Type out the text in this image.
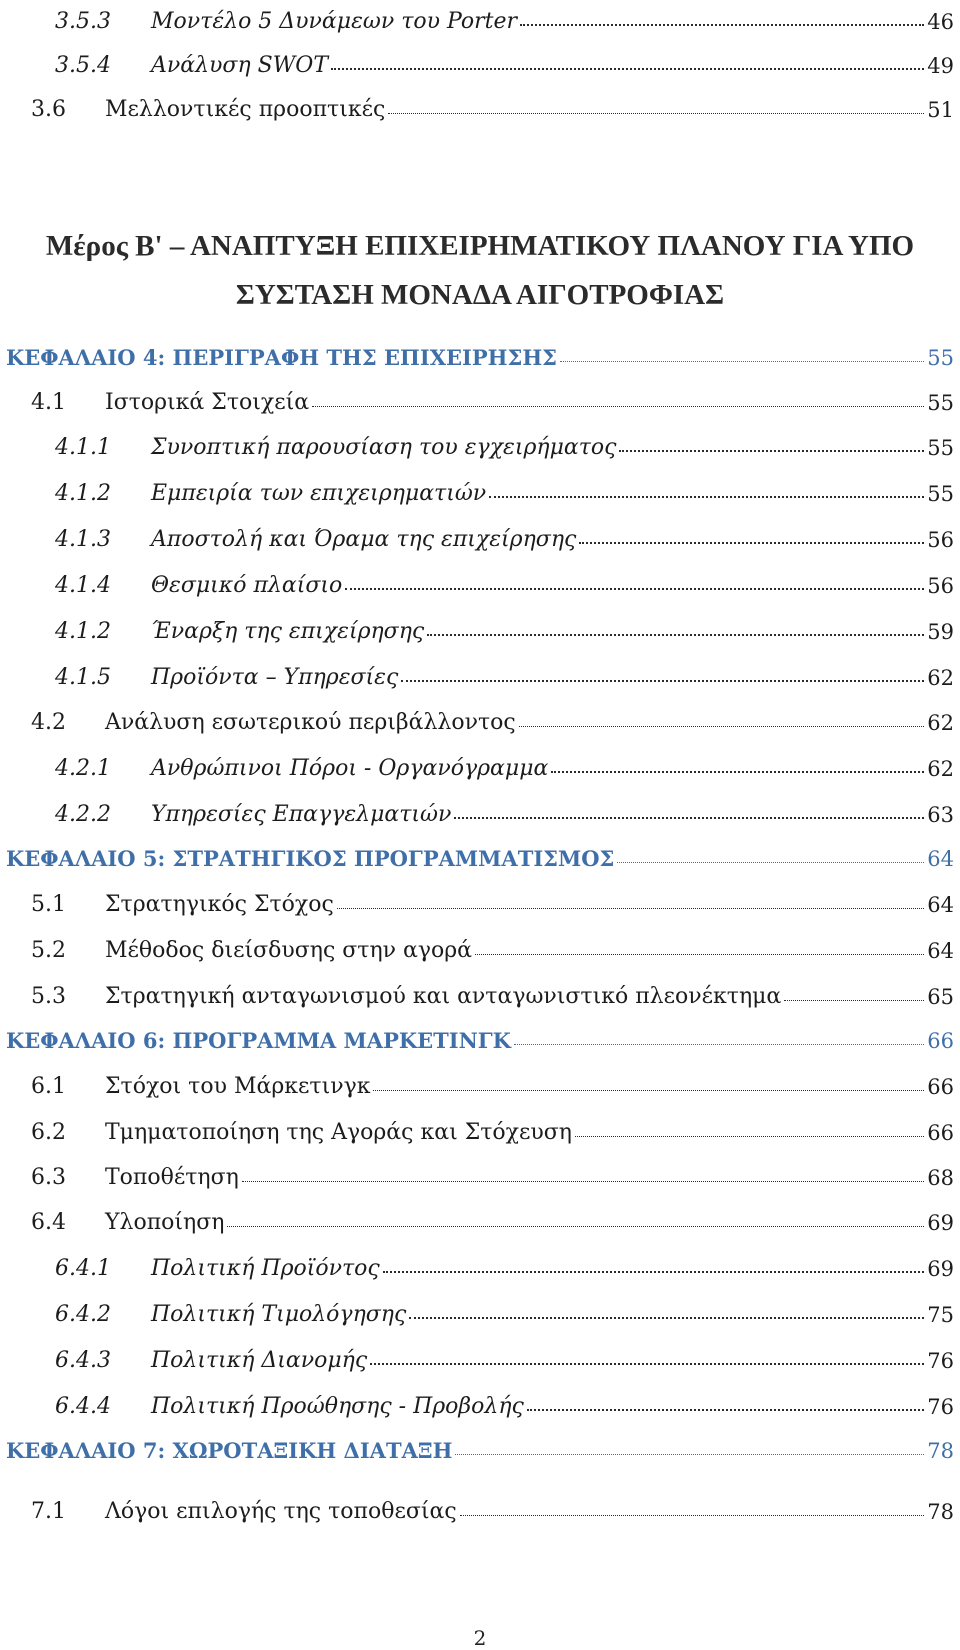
3.5.3	Μοντέλο 5 Δυνάμεων του Porter	46
3.5.4	Ανάλυση SWOT	49
3.6	Μελλοντικές προοπτικές	51
Μέρος Β' – ΑΝΑΠΤΥΞΗ ΕΠΙΧΕΙΡΗΜΑΤΙΚΟΥ ΠΛΑΝΟΥ ΓΙΑ ΥΠΟ
ΣΥΣΤΑΣΗ ΜΟΝΑΔΑ ΑΙΓΟΤΡΟΦΙΑΣ
ΚΕΦΑΛΑΙΟ 4: ΠΕΡΙΓΡΑΦΗ ΤΗΣ ΕΠΙΧΕΙΡΗΣΗΣ	55
4.1	Ιστορικά Στοιχεία	55
4.1.1	Συνοπτική παρουσίαση του εγχειρήματος	55
4.1.2	Εμπειρία των επιχειρηματιών	55
4.1.3	Αποστολή και Όραμα της επιχείρησης	56
4.1.4	Θεσμικό πλαίσιο	56
4.1.2	Έναρξη της επιχείρησης	59
4.1.5	Προϊόντα – Υπηρεσίες	62
4.2	Ανάλυση εσωτερικού περιβάλλοντος	62
4.2.1	Ανθρώπινοι Πόροι - Οργανόγραμμα	62
4.2.2	Υπηρεσίες Επαγγελματιών	63
ΚΕΦΑΛΑΙΟ 5: ΣΤΡΑΤΗΓΙΚΟΣ ΠΡΟΓΡΑΜΜΑΤΙΣΜΟΣ	64
5.1	Στρατηγικός Στόχος	64
5.2	Μέθοδος διείσδυσης στην αγορά	64
5.3	Στρατηγική ανταγωνισμού και ανταγωνιστικό πλεονέκτημα	65
ΚΕΦΑΛΑΙΟ 6: ΠΡΟΓΡΑΜΜΑ ΜΑΡΚΕΤΙΝΓΚ	66
6.1	Στόχοι του Μάρκετινγκ	66
6.2	Τμηματοποίηση της Αγοράς και Στόχευση	66
6.3	Τοποθέτηση	68
6.4	Υλοποίηση	69
6.4.1	Πολιτική Προϊόντος	69
6.4.2	Πολιτική Τιμολόγησης	75
6.4.3	Πολιτική Διανομής	76
6.4.4	Πολιτική Προώθησης - Προβολής	76
ΚΕΦΑΛΑΙΟ 7: ΧΩΡΟΤΑΞΙΚΗ ΔΙΑΤΑΞΗ	78
7.1	Λόγοι επιλογής της τοποθεσίας	78
2
